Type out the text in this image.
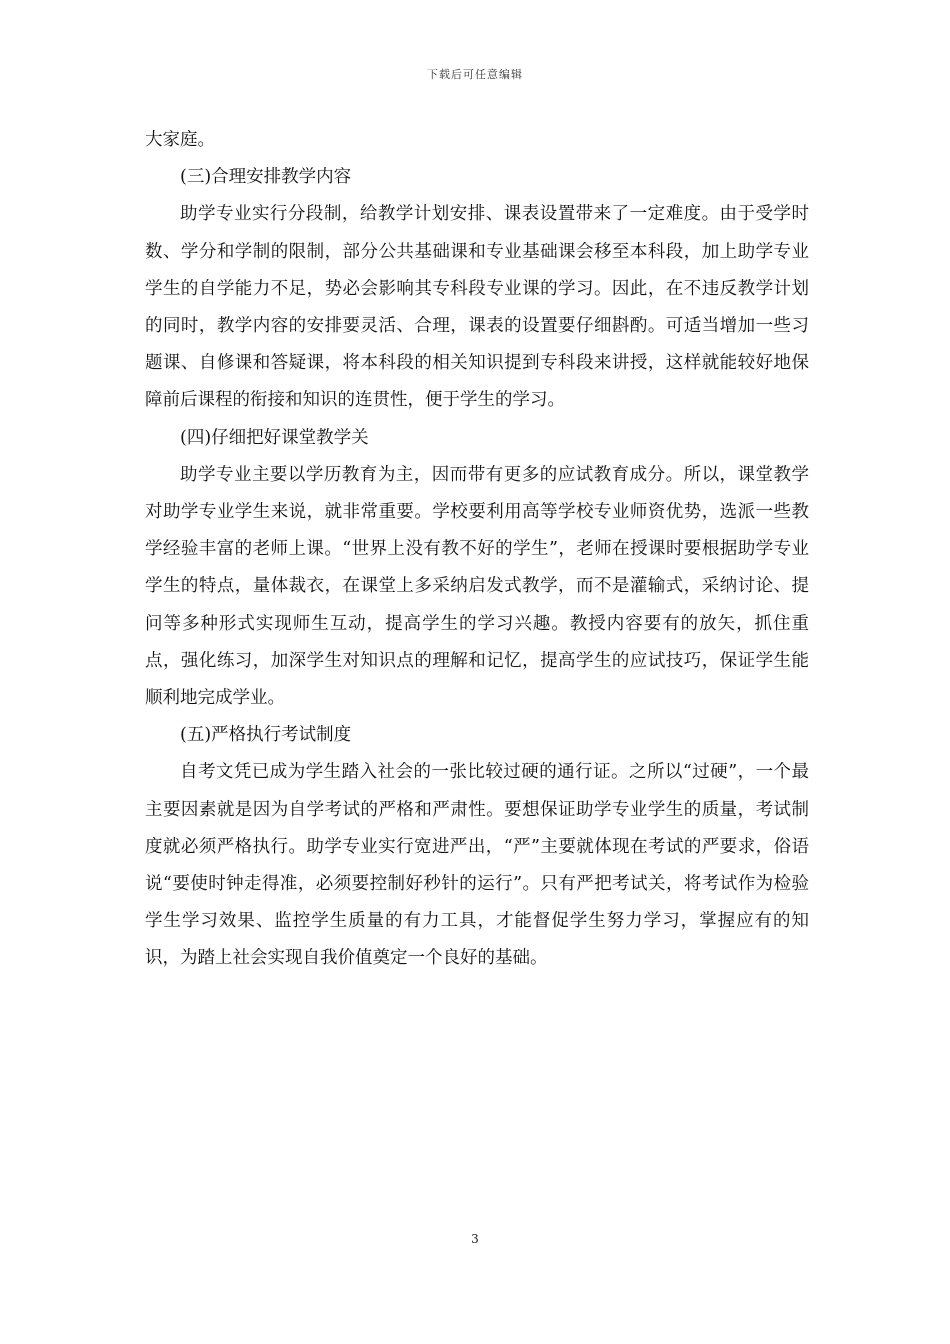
下载后可任意编辑

大家庭。

(三)合理安排教学内容

助学专业实行分段制，给教学计划安排、课表设置带来了一定难度。由于受学时数、学分和学制的限制，部分公共基础课和专业基础课会移至本科段，加上助学专业学生的自学能力不足，势必会影响其专科段专业课的学习。因此，在不违反教学计划的同时，教学内容的安排要灵活、合理，课表的设置要仔细斟酌。可适当增加一些习题课、自修课和答疑课，将本科段的相关知识提到专科段来讲授，这样就能较好地保障前后课程的衔接和知识的连贯性，便于学生的学习。

(四)仔细把好课堂教学关

助学专业主要以学历教育为主，因而带有更多的应试教育成分。所以，课堂教学对助学专业学生来说，就非常重要。学校要利用高等学校专业师资优势，选派一些教学经验丰富的老师上课。“世界上没有教不好的学生”，老师在授课时要根据助学专业学生的特点，量体裁衣，在课堂上多采纳启发式教学，而不是灌输式，采纳讨论、提问等多种形式实现师生互动，提高学生的学习兴趣。教授内容要有的放矢，抓住重点，强化练习，加深学生对知识点的理解和记忆，提高学生的应试技巧，保证学生能顺利地完成学业。

(五)严格执行考试制度

自考文凭已成为学生踏入社会的一张比较过硬的通行证。之所以“过硬”，一个最主要因素就是因为自学考试的严格和严肃性。要想保证助学专业学生的质量，考试制度就必须严格执行。助学专业实行宽进严出，“严”主要就体现在考试的严要求，俗语说“要使时钟走得准，必须要控制好秒针的运行”。只有严把考试关，将考试作为检验学生学习效果、监控学生质量的有力工具，才能督促学生努力学习，掌握应有的知识，为踏上社会实现自我价值奠定一个良好的基础。

3
